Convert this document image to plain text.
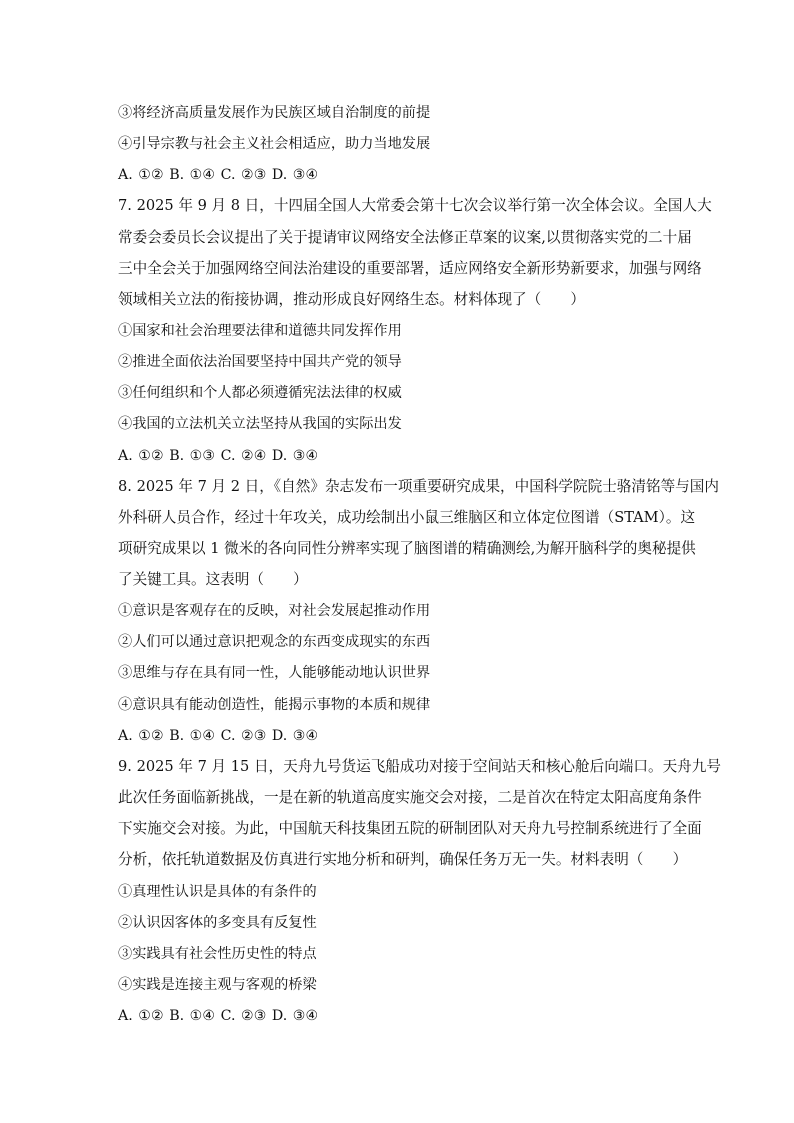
③将经济高质量发展作为民族区域自治制度的前提
④引导宗教与社会主义社会相适应，助力当地发展
A. ①② B. ①④ C. ②③ D. ③④
7. 2025 年 9 月 8 日，十四届全国人大常委会第十七次会议举行第一次全体会议。全国人大
常委会委员长会议提出了关于提请审议网络安全法修正草案的议案,以贯彻落实党的二十届
三中全会关于加强网络空间法治建设的重要部署，适应网络安全新形势新要求，加强与网络
领域相关立法的衔接协调，推动形成良好网络生态。材料体现了（　　）
①国家和社会治理要法律和道德共同发挥作用
②推进全面依法治国要坚持中国共产党的领导
③任何组织和个人都必须遵循宪法法律的权威
④我国的立法机关立法坚持从我国的实际出发
A. ①② B. ①③ C. ②④ D. ③④
8. 2025 年 7 月 2 日，《自然》杂志发布一项重要研究成果，中国科学院院士骆清铭等与国内
外科研人员合作，经过十年攻关，成功绘制出小鼠三维脑区和立体定位图谱（STAM）。这
项研究成果以 1 微米的各向同性分辨率实现了脑图谱的精确测绘,为解开脑科学的奥秘提供
了关键工具。这表明（　　）
①意识是客观存在的反映，对社会发展起推动作用
②人们可以通过意识把观念的东西变成现实的东西
③思维与存在具有同一性，人能够能动地认识世界
④意识具有能动创造性，能揭示事物的本质和规律
A. ①② B. ①④ C. ②③ D. ③④
9. 2025 年 7 月 15 日，天舟九号货运飞船成功对接于空间站天和核心舱后向端口。天舟九号
此次任务面临新挑战，一是在新的轨道高度实施交会对接，二是首次在特定太阳高度角条件
下实施交会对接。为此，中国航天科技集团五院的研制团队对天舟九号控制系统进行了全面
分析，依托轨道数据及仿真进行实地分析和研判，确保任务万无一失。材料表明（　　）
①真理性认识是具体的有条件的
②认识因客体的多变具有反复性
③实践具有社会性历史性的特点
④实践是连接主观与客观的桥梁
A. ①② B. ①④ C. ②③ D. ③④
